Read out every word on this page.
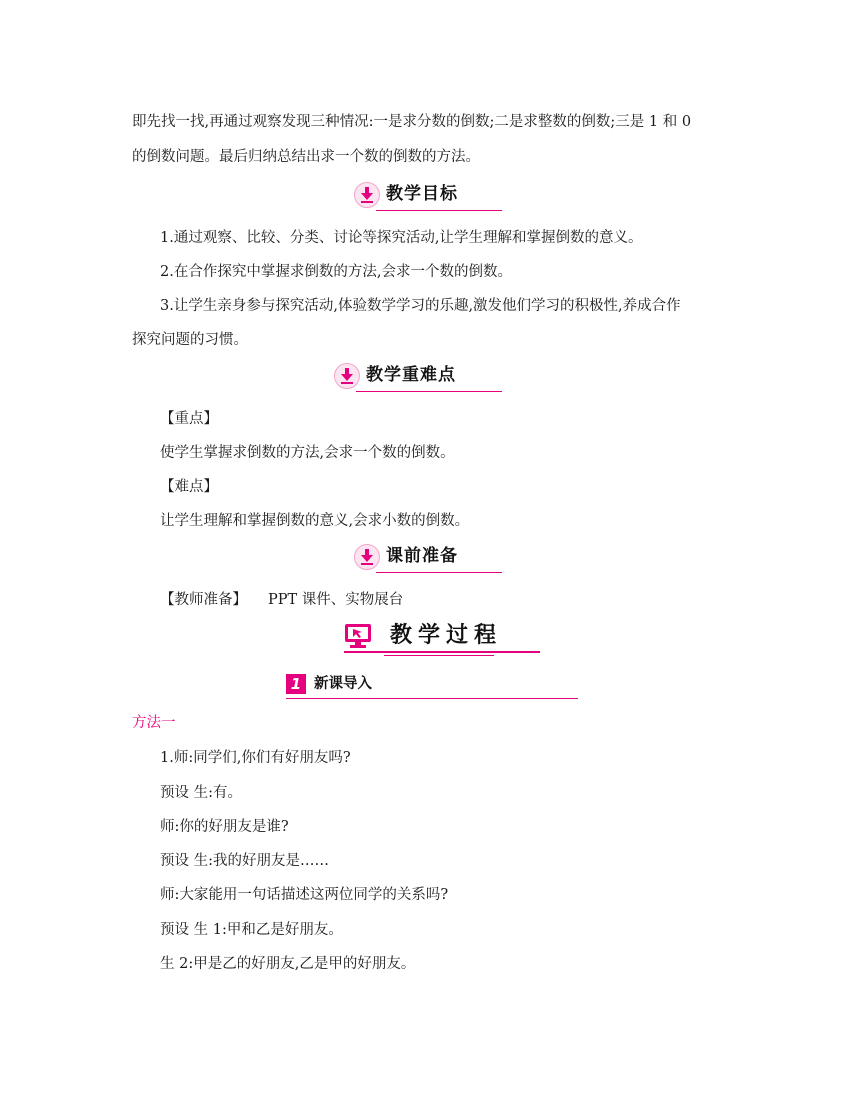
即先找一找,再通过观察发现三种情况:一是求分数的倒数;二是求整数的倒数;三是 1 和 0
的倒数问题。最后归纳总结出求一个数的倒数的方法。
教学目标
1.通过观察、比较、分类、讨论等探究活动,让学生理解和掌握倒数的意义。
2.在合作探究中掌握求倒数的方法,会求一个数的倒数。
3.让学生亲身参与探究活动,体验数学学习的乐趣,激发他们学习的积极性,养成合作
探究问题的习惯。
教学重难点
【重点】
使学生掌握求倒数的方法,会求一个数的倒数。
【难点】
让学生理解和掌握倒数的意义,会求小数的倒数。
课前准备
【教师准备】 PPT 课件、实物展台
教学过程
1 新课导入
方法一
1.师:同学们,你们有好朋友吗?
预设 生:有。
师:你的好朋友是谁?
预设 生:我的好朋友是……
师:大家能用一句话描述这两位同学的关系吗?
预设 生 1:甲和乙是好朋友。
生 2:甲是乙的好朋友,乙是甲的好朋友。
